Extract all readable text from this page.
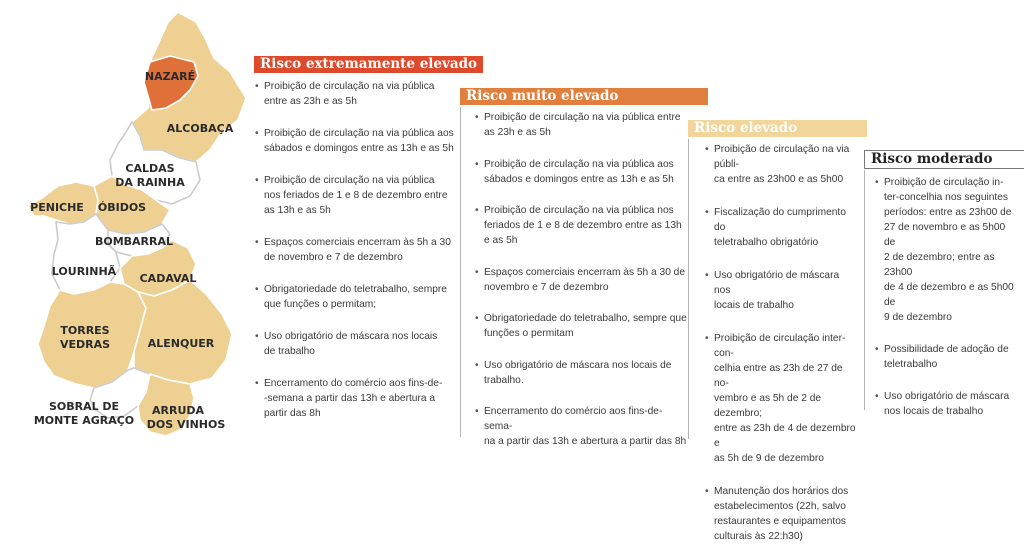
NAZARÉ
ALCOBAÇA
CALDAS
DA RAINHA
PENICHE ÓBIDOS
BOMBARRAL
LOURINHÃ
CADAVAL
TORRES
VEDRAS	ALENQUER
SOBRAL DE
MONTE AGRAÇO
ARRUDA
DOS VINHOS
Risco extremamente elevado
• Proibição de circulação na via pública
entre as 23h e as 5h
• Proibição de circulação na via pública aos
sábados e domingos entre as 13h e as 5h
• Proibição de circulação na via pública
nos feriados de 1 e 8 de dezembro entre
as 13h e as 5h
• Espaços comerciais encerram às 5h a 30
de novembro e 7 de dezembro
• Obrigatoriedade do teletrabalho, sempre
que funções o permitam;
• Uso obrigatório de máscara nos locais
de trabalho
• Encerramento do comércio aos fins-de-
-semana a partir das 13h e abertura a
partir das 8h
Risco muito elevado
• Proibição de circulação na via pública entre
as 23h e as 5h
• Proibição de circulação na via pública aos
sábados e domingos entre as 13h e as 5h
• Proibição de circulação na via pública nos
feriados de 1 e 8 de dezembro entre as 13h
e as 5h
• Espaços comerciais encerram às 5h a 30 de
novembro e 7 de dezembro
• Obrigatoriedade do teletrabalho, sempre que
funções o permitam
• Uso obrigatório de máscara nos locais de
trabalho.
• Encerramento do comércio aos fins-de-sema-
na a partir das 13h e abertura a partir das 8h
Risco elevado
• Proibição de circulação na via públi-
ca entre as 23h00 e as 5h00
• Fiscalização do cumprimento do
teletrabalho obrigatório
• Uso obrigatório de máscara nos
locais de trabalho
• Proibição de circulação inter-con-
celhia entre as 23h de 27 de no-
vembro e as 5h de 2 de dezembro;
entre as 23h de 4 de dezembro e
as 5h de 9 de dezembro
• Manutenção dos horários dos
estabelecimentos (22h, salvo
restaurantes e equipamentos
culturais às 22:h30)
Risco moderado
• Proibição de circulação in-
ter-concelhia nos seguintes
períodos: entre as 23h00 de
27 de novembro e as 5h00 de
2 de dezembro; entre as 23h00
de 4 de dezembro e as 5h00 de
9 de dezembro
• Possibilidade de adoção de
teletrabalho
• Uso obrigatório de máscara
nos locais de trabalho
